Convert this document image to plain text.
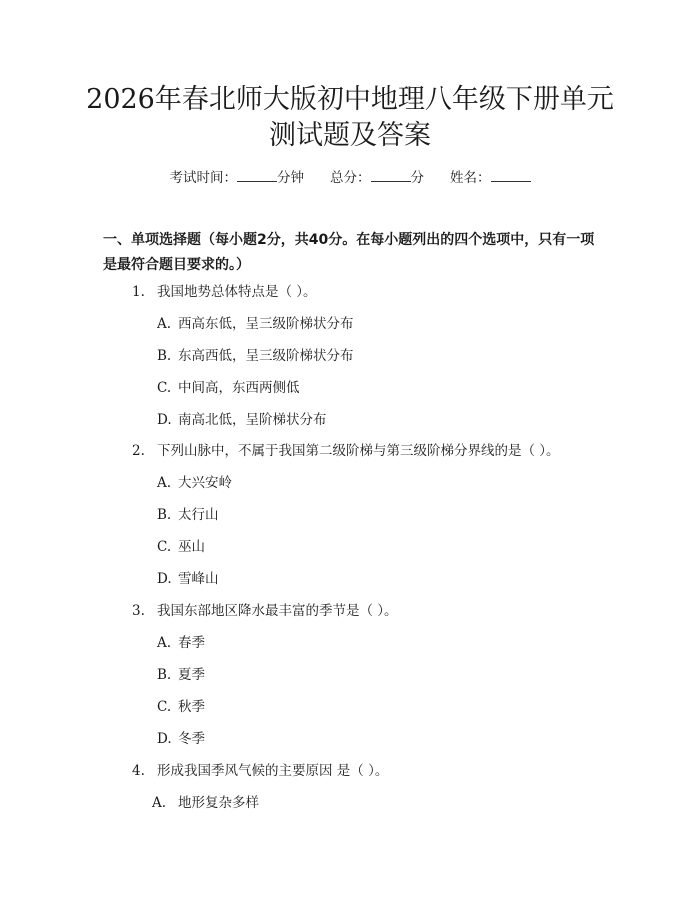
2026年春北师大版初中地理八年级下册单元
测试题及答案
考试时间：	分钟 总分：	分 姓名：
一、单项选择题（每小题2分，共40分。在每小题列出的四个选项中，只有一项
是最符合题目要求的。）
1. 我国地势总体特点是（ ）。
A. 西高东低，呈三级阶梯状分布
B. 东高西低，呈三级阶梯状分布
C. 中间高，东西两侧低
D. 南高北低，呈阶梯状分布
2. 下列山脉中，不属于我国第二级阶梯与第三级阶梯分界线的是（ ）。
A. 大兴安岭
B. 太行山
C. 巫山
D. 雪峰山
3. 我国东部地区降水最丰富的季节是（ ）。
A. 春季
B. 夏季
C. 秋季
D. 冬季
4. 形成我国季风气候的主要原因 是（ ）。
A. 地形复杂多样
